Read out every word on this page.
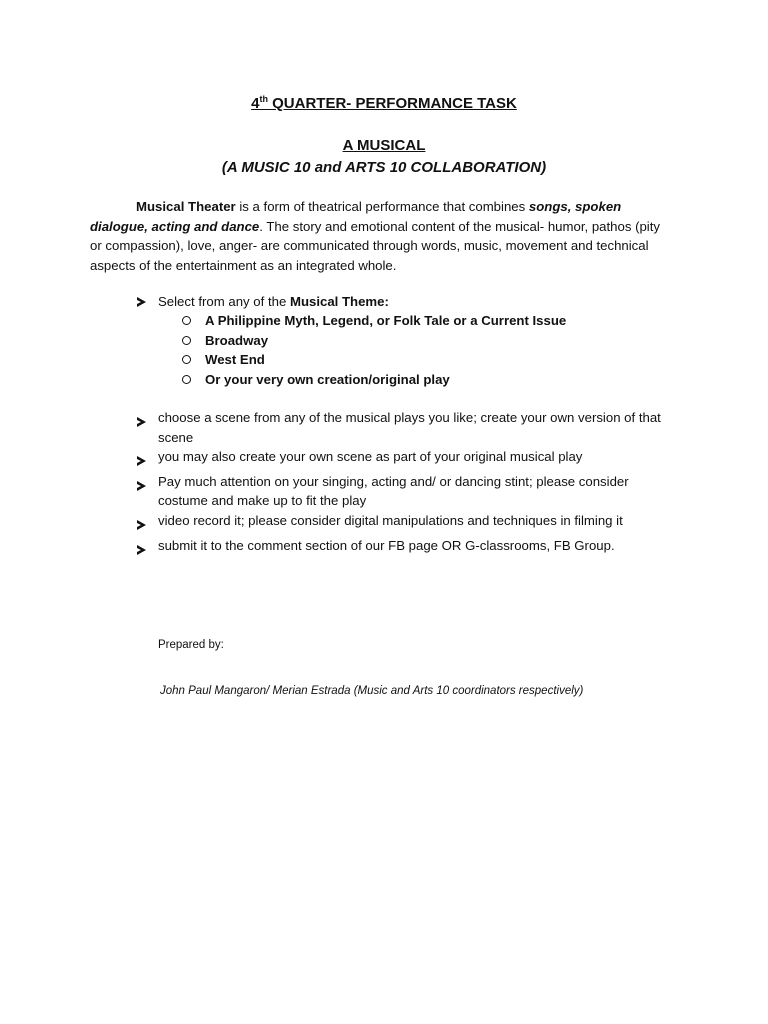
4th QUARTER- PERFORMANCE TASK
A MUSICAL
(A MUSIC 10 and ARTS 10 COLLABORATION)

Musical Theater is a form of theatrical performance that combines songs, spoken dialogue, acting and dance. The story and emotional content of the musical- humor, pathos (pity or compassion), love, anger- are communicated through words, music, movement and technical aspects of the entertainment as an integrated whole.

Select from any of the Musical Theme:
A Philippine Myth, Legend, or Folk Tale or a Current Issue
Broadway
West End
Or your very own creation/original play
choose a scene from any of the musical plays you like; create your own version of that scene
you may also create your own scene as part of your original musical play
Pay much attention on your singing, acting and/ or dancing stint; please consider costume and make up to fit the play
video record it; please consider digital manipulations and techniques in filming it
submit it to the comment section of our FB page OR G-classrooms, FB Group.
Prepared by:
John Paul Mangaron/ Merian Estrada (Music and Arts 10 coordinators respectively)
